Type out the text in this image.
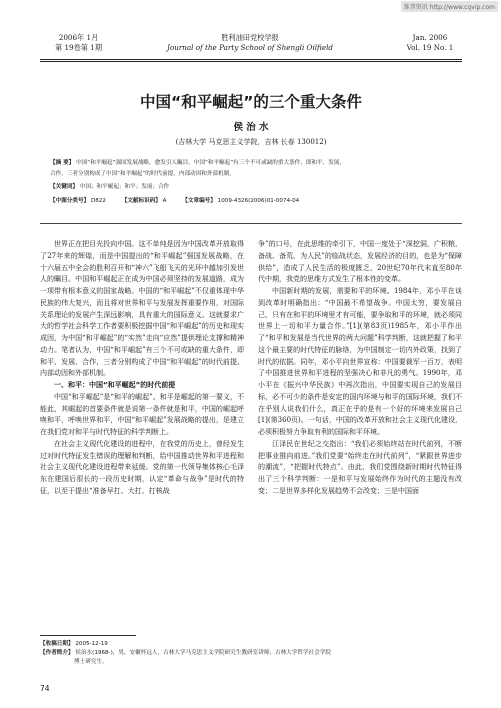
维普资讯 http://www.cqvip.com
2006年 1月
第 19卷第 1期
胜利油田党校学报
Journal of the Party School of Shengli Oilfield
Jan. 2006
Vol. 19 No. 1
中国“和平崛起”的三个重大条件
侯 治 水
(吉林大学 马克思主义学院，吉林 长春 130012)
【摘 要】 中国“和平崛起”强国发展战略，愈发引人瞩目。中国“和平崛起”有三个不可或缺的重大条件，即和平、发展、
合作，三者分别构成了中国“和平崛起”的时代前提、内部动因和外部机制。
【关键词】 中国；和平崛起；和平；发展；合作
【中图分类号】 D822	【文献标识码】 A	【文章编号】 1009-4326(2006)01-0074-04

世界正在把目光投向中国。这不单纯是因为中国改革开放取得了27年来的辉煌，而是中国提出的“和平崛起”强国发展战略，在十六届五中全会的胜利召开和“神六”飞船飞天的光环中越加引发世人的瞩目。中国和平崛起正在成为中国必须坚持的发展道路，成为一项带有根本意义的国家战略。中国的“和平崛起”不仅重体现中华民族的伟大复兴，而且将对世界和平与发展发挥重要作用，对国际关系理论的发展产生深远影响，具有重大的国际意义。这就要求广大的哲学社会科学工作者要积极挖掘中国“和平崛起”的历史和现实成因，为中国“和平崛起”的“实然”走向“应然”提供理论支撑和精神动力。笔者认为，中国“和平崛起”有三个不可或缺的重大条件，即和平、发展、合作，三者分别构成了中国“和平崛起”的时代前提、内部动因和外部机制。

一、和平：中国“和平崛起”的时代前提

中国“和平崛起”是“和平的崛起”。和平是崛起的第一要义，不能此，其崛起的首要条件就是说第一条件就是和平，中国的崛起呼唤和平，呼唤世界和平，中国“和平崛起”发展战略的提出，是建立在我们党对和平与时代特征的科学判断上。

在社会主义现代化建设的进程中，在我党的历史上，曾经发生过对时代特征发生错误的理解和判断，给中国推动世界和平进程和社会主义现代化建设进程带来延缓。党的第一代领导集体核心毛泽东在建国后很长的一段历史时期，认定“革命与战争”是时代的特征，以至于提出“准备早打、大打、打核战

争”的口号，在此思维的牵引下，中国一度处于“深挖洞，广积粮，备战、备荒、为人民”的临战状态，发展经济的目的，也是为“保障供给”，造成了人民生活的极度匮乏，20世纪70年代末直至80年代中期，我党的思维方式发生了根本性的变革。

中国新时期的发展，需要和平的环境。1984年，邓小平在谈到改革时明确指出：“中国最不希望战争。中国太穷，要发展自己，只有在和平的环境里才有可能，要争取和平的环境，就必须同世界上一切和平力量合作。”[1](第83页)1985年，邓小平作出了“和平和发展是当代世界的两大问题”科学判断，这就把握了和平这个最主要的时代特征的脉络，为中国制定一切内外政策，找到了时代的依据。同年，邓小平向世界宣称：中国要裁军一百万，表明了中国推进世界和平进程的坚强决心和非凡的勇气。1990年，邓小平在《振兴中华民族》中再次指出，中国要实现自己的发展目标，必不可少的条件是安定的国内环境与和平的国际环境，我们不在乎别人说我们什么，真正在乎的是有一个好的环境来发展自己[1](第360页)。一句话，中国的改革开放和社会主义现代化建设，必须积极努力争取有利的国际和平环境。

江泽民在世纪之交指出：“我们必须始终站在时代前列，不断把事业推向前进。”我们党要“始终走在时代前列”，“紧跟世界进步的潮流”，“把握时代特点”。由此，我们党围绕新时期时代特征得出了三个科学判断：一是和平与发展始终作为时代的主题没有改变；二是世界多样化发展趋势不会改变；三是中国面

【收稿日期】 2005-12-19
【作者简介】 侯治水(1968-)，男，安徽怀远人，吉林大学马克思主义学院研究生教研室讲师；吉林大学哲学社会学院
博士研究生。
74
